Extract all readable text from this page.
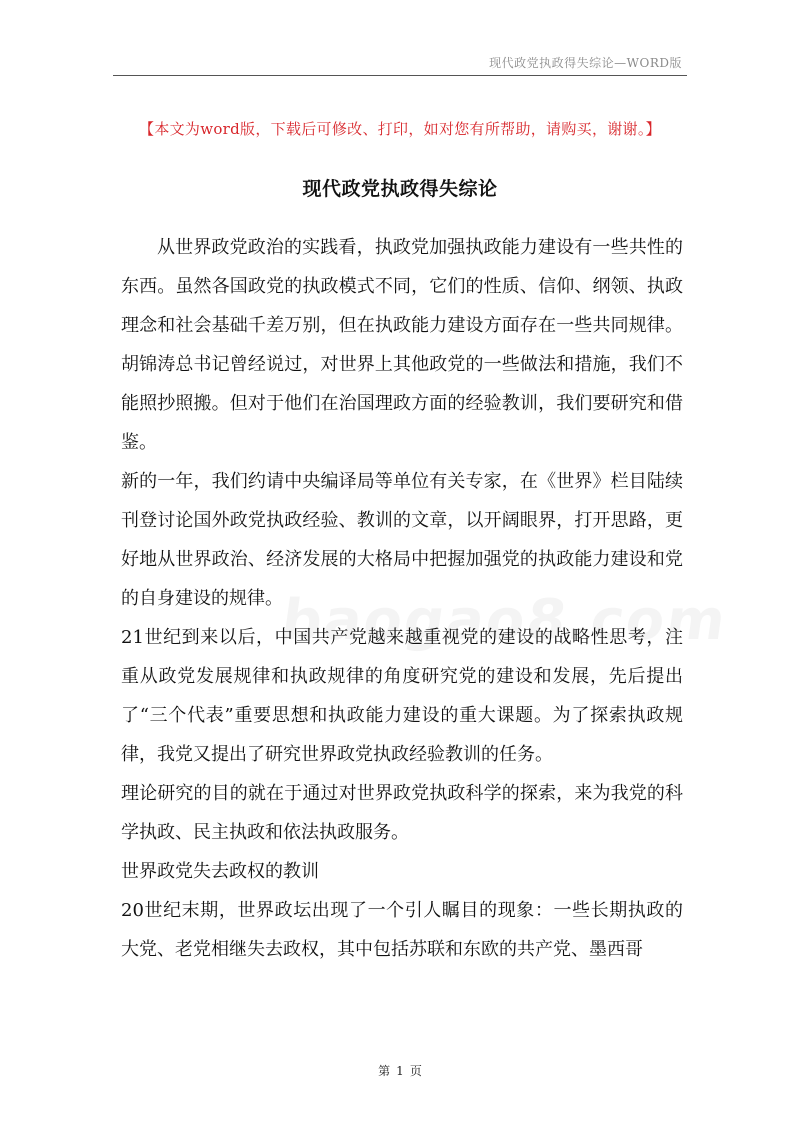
现代政党执政得失综论—WORD版
【本文为word版，下载后可修改、打印，如对您有所帮助，请购买，谢谢。】
现代政党执政得失综论

从世界政党政治的实践看，执政党加强执政能力建设有一些共性的东西。虽然各国政党的执政模式不同，它们的性质、信仰、纲领、执政理念和社会基础千差万别，但在执政能力建设方面存在一些共同规律。胡锦涛总书记曾经说过，对世界上其他政党的一些做法和措施，我们不能照抄照搬。但对于他们在治国理政方面的经验教训，我们要研究和借鉴。

新的一年，我们约请中央编译局等单位有关专家，在《世界》栏目陆续刊登讨论国外政党执政经验、教训的文章，以开阔眼界，打开思路，更好地从世界政治、经济发展的大格局中把握加强党的执政能力建设和党的自身建设的规律。

21世纪到来以后，中国共产党越来越重视党的建设的战略性思考，注重从政党发展规律和执政规律的角度研究党的建设和发展，先后提出了“三个代表”重要思想和执政能力建设的重大课题。为了探索执政规律，我党又提出了研究世界政党执政经验教训的任务。

理论研究的目的就在于通过对世界政党执政科学的探索，来为我党的科学执政、民主执政和依法执政服务。

世界政党失去政权的教训

20世纪末期，世界政坛出现了一个引人瞩目的现象：一些长期执政的大党、老党相继失去政权，其中包括苏联和东欧的共产党、墨西哥

第 1 页
